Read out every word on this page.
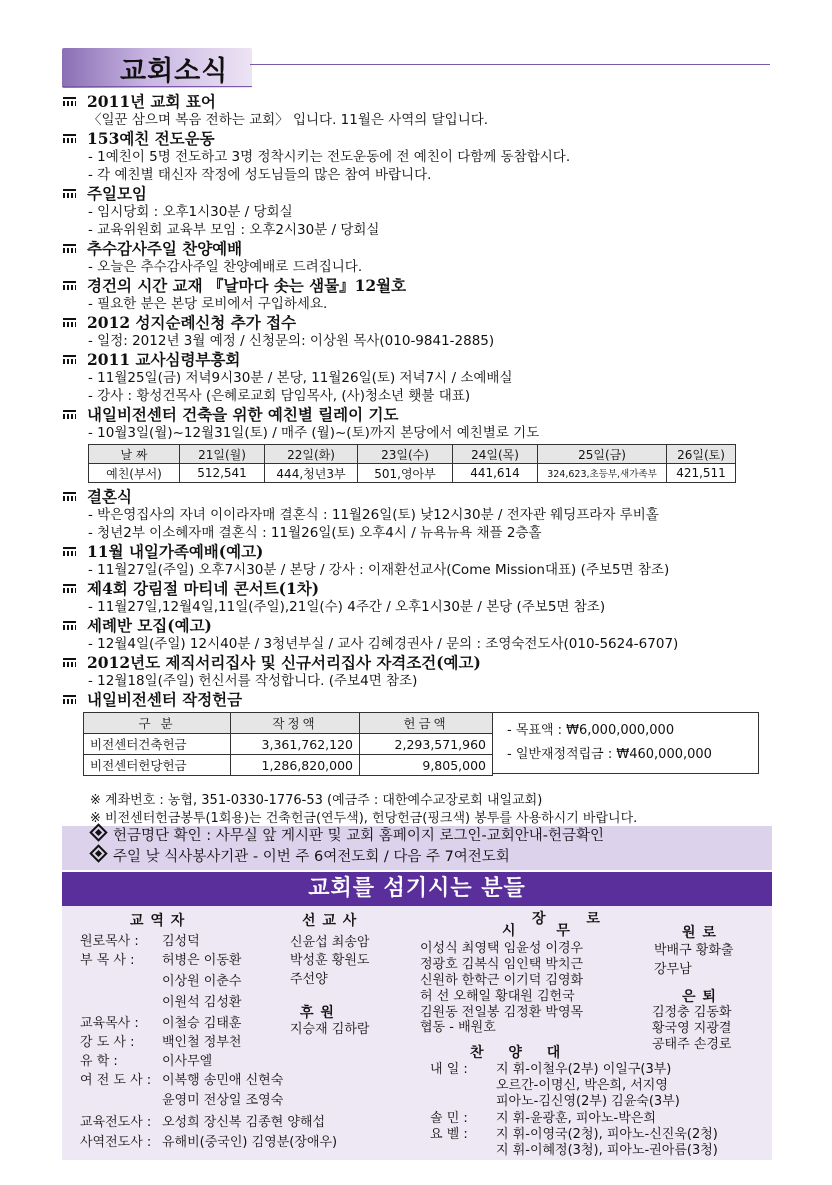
교회소식
2011년 교회 표어
〈일꾼 삼으며 복음 전하는 교회〉 입니다. 11월은 사역의 달입니다.
153예친 전도운동
- 1예친이 5명 전도하고 3명 정착시키는 전도운동에 전 예친이 다함께 동참합시다.
- 각 예친별 태신자 작정에 성도님들의 많은 참여 바랍니다.
주일모임
- 임시당회 : 오후1시30분 / 당회실
- 교육위원회 교육부 모임 : 오후2시30분 / 당회실
추수감사주일 찬양예배
- 오늘은 추수감사주일 찬양예배로 드려집니다.
경건의 시간 교재 『날마다 솟는 샘물』12월호
- 필요한 분은 본당 로비에서 구입하세요.
2012 성지순례신청 추가 접수
- 일정: 2012년 3월 예정 / 신청문의: 이상원 목사(010-9841-2885)
2011 교사심령부흥회
- 11월25일(금) 저녁9시30분 / 본당, 11월26일(토) 저녁7시 / 소예배실
- 강사 : 황성건목사 (은혜로교회 담임목사, (사)청소년 횃불 대표)
내일비전센터 건축을 위한 예친별 릴레이 기도
- 10월3일(월)~12월31일(토) / 매주 (월)~(토)까지 본당에서 예친별로 기도
날 짜	21일(월)	22일(화)	23일(수)	24일(목)	25일(금)	26일(토)
예친(부서)	512,541	444,청년3부	501,영아부	441,614	324,623,초등부,새가족부	421,511
결혼식
- 박은영집사의 자녀 이이라자매 결혼식 : 11월26일(토) 낮12시30분 / 전자관 웨딩프라자 루비홀
- 청년2부 이소혜자매 결혼식 : 11월26일(토) 오후4시 / 뉴욕뉴욕 채플 2층홀
11월 내일가족예배(예고)
- 11월27일(주일) 오후7시30분 / 본당 / 강사 : 이재환선교사(Come Mission대표) (주보5면 참조)
제4회 강림절 마티네 콘서트(1차)
- 11월27일,12월4일,11일(주일),21일(수) 4주간 / 오후1시30분 / 본당 (주보5면 참조)
세례반 모집(예고)
- 12월4일(주일) 12시40분 / 3청년부실 / 교사 김혜경권사 / 문의 : 조영숙전도사(010-5624-6707)
2012년도 제직서리집사 및 신규서리집사 자격조건(예고)
- 12월18일(주일) 헌신서를 작성합니다. (주보4면 참조)
내일비전센터 작정헌금
구 분	작정액	헌금액
비전센터건축헌금	3,361,762,120	2,293,571,960
비전센터헌당헌금	1,286,820,000	9,805,000
- 목표액 : ₩6,000,000,000
- 일반재정적립금 : ₩460,000,000
※ 계좌번호 : 농협, 351-0330-1776-53 (예금주 : 대한예수교장로회 내일교회)
※ 비전센터헌금봉투(1회용)는 건축헌금(연두색), 헌당헌금(핑크색) 봉투를 사용하시기 바랍니다.
헌금명단 확인 : 사무실 앞 게시판 및 교회 홈페이지 로그인-교회안내-헌금확인
주일 낮 식사봉사기관 - 이번 주 6여전도회 / 다음 주 7여전도회
교회를 섬기시는 분들
교 역 자
원로목사 : 김성덕
부 목 사 : 허병은 이동환
이상원 이춘수
이원석 김성환
교육목사 : 이철승 김태훈
강 도 사 : 백인철 정부천
유 학 :	이사무엘
여 전 도 사 : 이복행 송민애 신현숙
윤영미 전상일 조영숙
교육전도사 : 오성희 장신복 김종현 양해섭
사역전도사 : 유해비(중국인) 김영분(장애우)
선 교 사
신윤섭 최송암
박성훈 황원도
주선양
후 원
지승재 김하람
장 로
시 무
이성식 최영택 임윤성 이경우
정광호 김복식 임인택 박치근
신원하 한학근 이기덕 김영화
허 선 오해일 황대원 김헌국
김원동 전일봉 김정환 박영목
협동 - 배원호
원 로
박배구 황화출
강무남
은 퇴
김정충 김동화
황국영 지광결
공태주 손경로
찬 양 대
내 일 : 지 휘-이철우(2부) 이일구(3부)
오르간-이명신, 박은희, 서지영
피아노-김신영(2부) 김윤숙(3부)
솔 민 : 지 휘-윤광훈, 피아노-박은희
요 벨 : 지 휘-이영국(2청), 피아노-신진욱(2청)
지 휘-이혜정(3청), 피아노-권아름(3청)
